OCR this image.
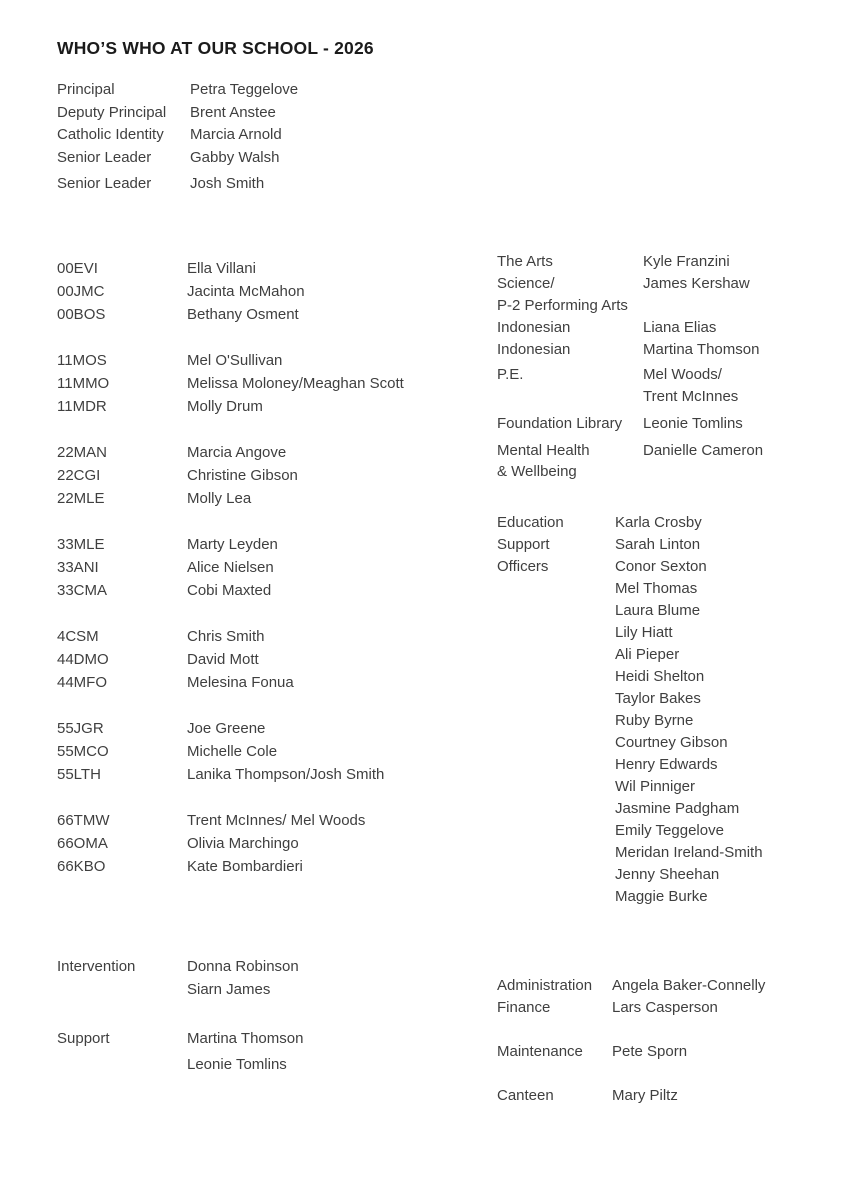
WHO’S WHO AT OUR SCHOOL - 2026
Principal	Petra Teggelove
Deputy Principal	Brent Anstee
Catholic Identity	Marcia Arnold
Senior Leader	Gabby Walsh
Senior Leader	Josh Smith
00EVI	Ella Villani
00JMC	Jacinta McMahon
00BOS	Bethany Osment
11MOS	Mel O'Sullivan
11MMO	Melissa Moloney/Meaghan Scott
11MDR	Molly Drum
22MAN	Marcia Angove
22CGI	Christine Gibson
22MLE	Molly Lea
33MLE	Marty Leyden
33ANI	Alice Nielsen
33CMA	Cobi Maxted
4CSM	Chris Smith
44DMO	David Mott
44MFO	Melesina Fonua
55JGR	Joe Greene
55MCO	Michelle Cole
55LTH	Lanika Thompson/Josh Smith
66TMW	Trent McInnes/ Mel Woods
66OMA	Olivia Marchingo
66KBO	Kate Bombardieri
Intervention	Donna Robinson
Siarn James
Support	Martina Thomson
Leonie Tomlins
The Arts	Kyle Franzini
Science/	James Kershaw
P-2 Performing Arts
Indonesian	Liana Elias
Indonesian	Martina Thomson
P.E.	Mel Woods/
Trent McInnes
Foundation Library	Leonie Tomlins
Mental Health	Danielle Cameron
& Wellbeing
Education	Karla Crosby
Support	Sarah Linton
Officers	Conor Sexton
Mel Thomas
Laura Blume
Lily Hiatt
Ali Pieper
Heidi Shelton
Taylor Bakes
Ruby Byrne
Courtney Gibson
Henry Edwards
Wil Pinniger
Jasmine Padgham
Emily Teggelove
Meridan Ireland-Smith
Jenny Sheehan
Maggie Burke
Administration	Angela Baker-Connelly
Finance	Lars Casperson
Maintenance	Pete Sporn
Canteen	Mary Piltz
